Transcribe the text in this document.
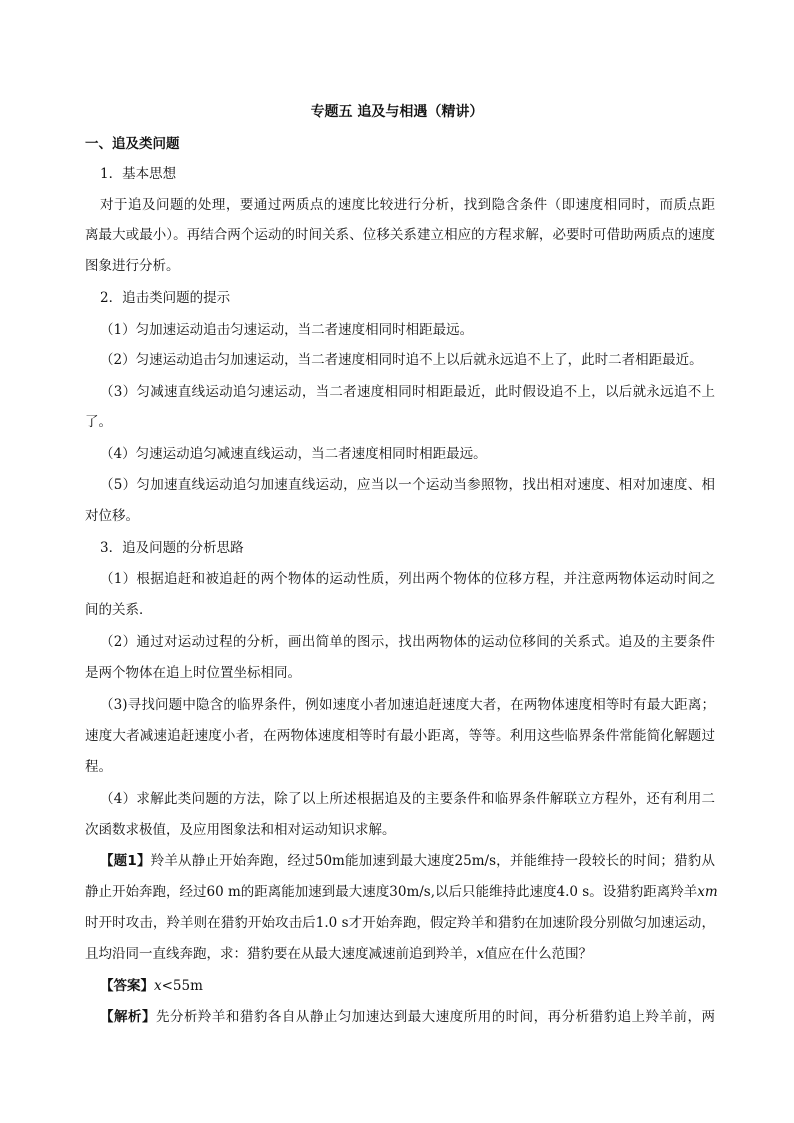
专题五 追及与相遇（精讲）
一、追及类问题
1．基本思想
对于追及问题的处理，要通过两质点的速度比较进行分析，找到隐含条件（即速度相同时，而质点距
离最大或最小）。再结合两个运动的时间关系、位移关系建立相应的方程求解，必要时可借助两质点的速度
图象进行分析。
2．追击类问题的提示
（1）匀加速运动追击匀速运动，当二者速度相同时相距最远。
（2）匀速运动追击匀加速运动，当二者速度相同时追不上以后就永远追不上了，此时二者相距最近。
（3）匀减速直线运动追匀速运动，当二者速度相同时相距最近，此时假设追不上，以后就永远追不上
了。
（4）匀速运动追匀减速直线运动，当二者速度相同时相距最远。
（5）匀加速直线运动追匀加速直线运动，应当以一个运动当参照物，找出相对速度、相对加速度、相
对位移。
3．追及问题的分析思路
（1）根据追赶和被追赶的两个物体的运动性质，列出两个物体的位移方程，并注意两物体运动时间之
间的关系．
（2）通过对运动过程的分析，画出简单的图示，找出两物体的运动位移间的关系式。追及的主要条件
是两个物体在追上时位置坐标相同。
（3)寻找问题中隐含的临界条件，例如速度小者加速追赶速度大者，在两物体速度相等时有最大距离；
速度大者减速追赶速度小者，在两物体速度相等时有最小距离，等等。利用这些临界条件常能简化解题过
程。
（4）求解此类问题的方法，除了以上所述根据追及的主要条件和临界条件解联立方程外，还有利用二
次函数求极值，及应用图象法和相对运动知识求解。
【题1】羚羊从静止开始奔跑，经过50m能加速到最大速度25m/s，并能维持一段较长的时间；猎豹从
静止开始奔跑，经过60 m的距离能加速到最大速度30m/s,以后只能维持此速度4.0 s。设猎豹距离羚羊xm
时开时攻击，羚羊则在猎豹开始攻击后1.0 s才开始奔跑，假定羚羊和猎豹在加速阶段分别做匀加速运动，
且均沿同一直线奔跑，求：猎豹要在从最大速度减速前追到羚羊，x值应在什么范围？
【答案】x<55m
【解析】先分析羚羊和猎豹各自从静止匀加速达到最大速度所用的时间，再分析猎豹追上羚羊前，两
